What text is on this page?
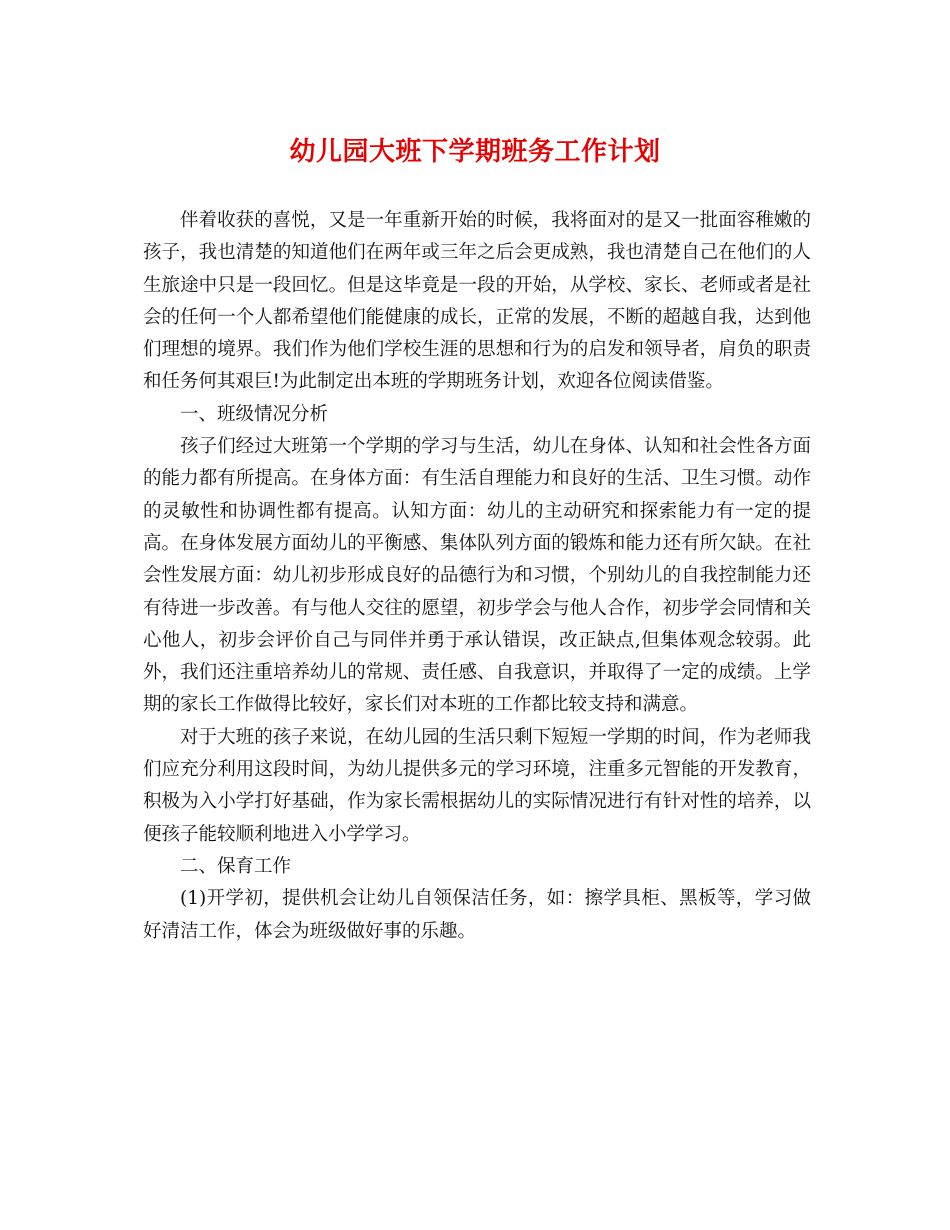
幼儿园大班下学期班务工作计划

伴着收获的喜悦，又是一年重新开始的时候，我将面对的是又一批面容稚嫩的孩子，我也清楚的知道他们在两年或三年之后会更成熟，我也清楚自己在他们的人生旅途中只是一段回忆。但是这毕竟是一段的开始，从学校、家长、老师或者是社会的任何一个人都希望他们能健康的成长，正常的发展，不断的超越自我，达到他们理想的境界。我们作为他们学校生涯的思想和行为的启发和领导者，肩负的职责和任务何其艰巨!为此制定出本班的学期班务计划，欢迎各位阅读借鉴。

一、班级情况分析

孩子们经过大班第一个学期的学习与生活，幼儿在身体、认知和社会性各方面的能力都有所提高。在身体方面：有生活自理能力和良好的生活、卫生习惯。动作的灵敏性和协调性都有提高。认知方面：幼儿的主动研究和探索能力有一定的提高。在身体发展方面幼儿的平衡感、集体队列方面的锻炼和能力还有所欠缺。在社会性发展方面：幼儿初步形成良好的品德行为和习惯，个别幼儿的自我控制能力还有待进一步改善。有与他人交往的愿望，初步学会与他人合作，初步学会同情和关心他人，初步会评价自己与同伴并勇于承认错误，改正缺点,但集体观念较弱。此外，我们还注重培养幼儿的常规、责任感、自我意识，并取得了一定的成绩。上学期的家长工作做得比较好，家长们对本班的工作都比较支持和满意。

对于大班的孩子来说，在幼儿园的生活只剩下短短一学期的时间，作为老师我们应充分利用这段时间，为幼儿提供多元的学习环境，注重多元智能的开发教育，积极为入小学打好基础，作为家长需根据幼儿的实际情况进行有针对性的培养，以便孩子能较顺利地进入小学学习。

二、保育工作

(1)开学初，提供机会让幼儿自领保洁任务，如：擦学具柜、黑板等，学习做好清洁工作，体会为班级做好事的乐趣。
